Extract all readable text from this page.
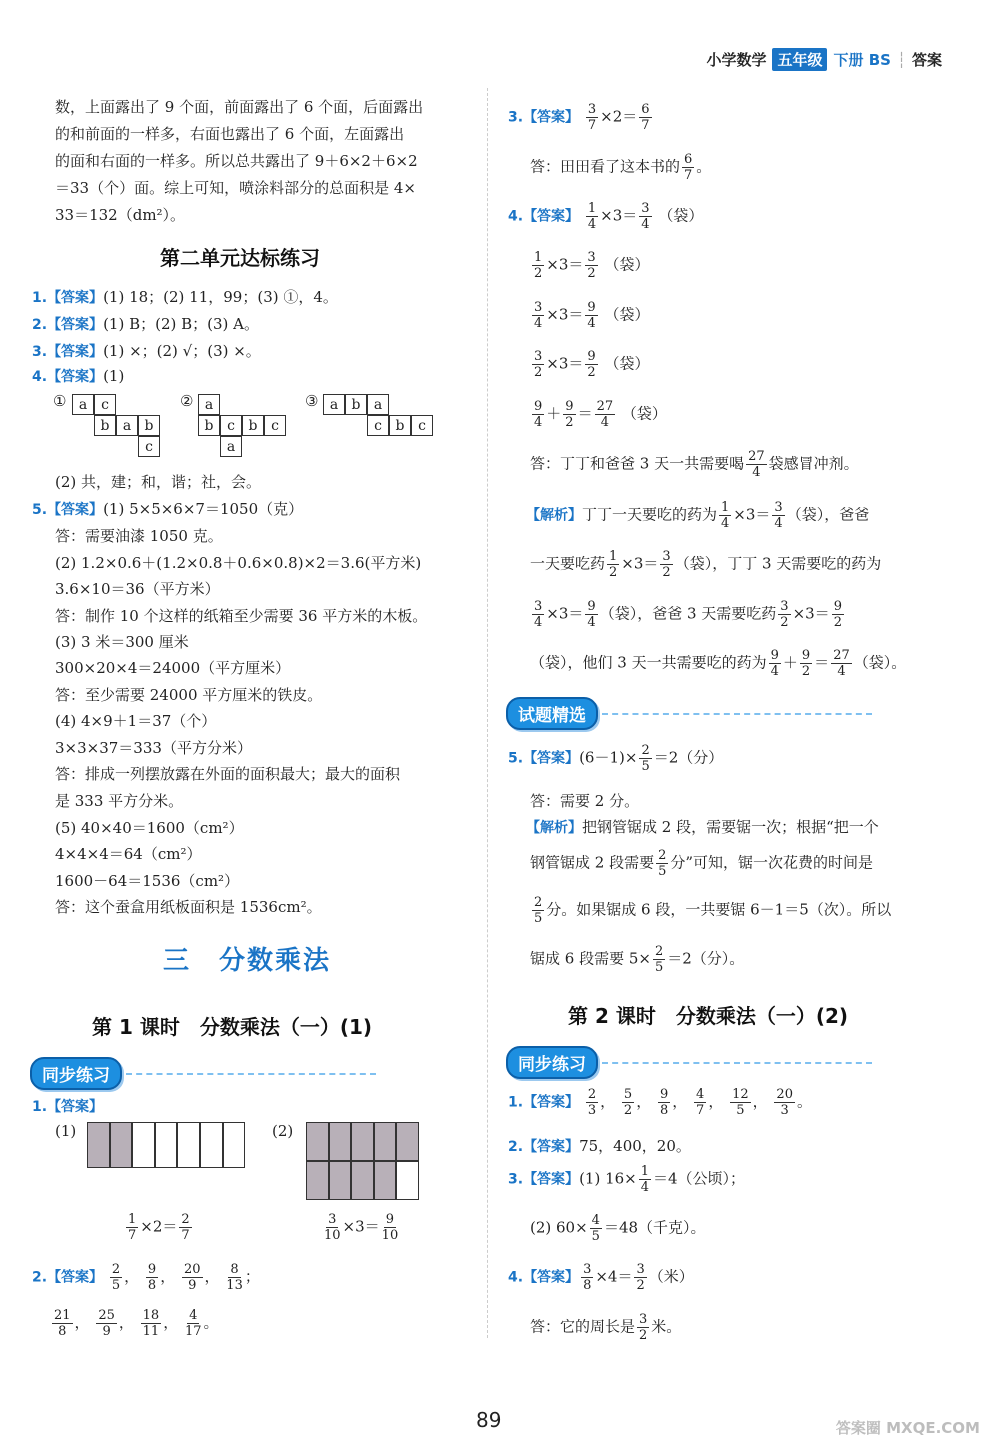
小学数学 五年级 下册 BS ┆ 答案
数，上面露出了 9 个面，前面露出了 6 个面，后面露出
的和前面的一样多，右面也露出了 6 个面，左面露出
的面和右面的一样多。所以总共露出了 9＋6×2＋6×2
＝33（个）面。综上可知，喷涂料部分的总面积是 4×
33＝132（dm²）。
第二单元达标练习
1.【答案】(1) 18；(2) 11，99；(3) ①，4。
2.【答案】(1) B；(2) B；(3) A。
3.【答案】(1) ×；(2) √；(3) ×。
4.【答案】(1)
① a c
b a b
c
② a
b c b c
a
③ a b a
c b c
(2) 共，建；和，谐；社，会。
5.【答案】(1) 5×5×6×7＝1050（克）
答：需要油漆 1050 克。
(2) 1.2×0.6＋(1.2×0.8＋0.6×0.8)×2＝3.6(平方米)
3.6×10＝36（平方米）
答：制作 10 个这样的纸箱至少需要 36 平方米的木板。
(3) 3 米＝300 厘米
300×20×4＝24000（平方厘米）
答：至少需要 24000 平方厘米的铁皮。
(4) 4×9＋1＝37（个）
3×3×37＝333（平方分米）
答：排成一列摆放露在外面的面积最大；最大的面积
是 333 平方分米。
(5) 40×40＝1600（cm²）
4×4×4＝64（cm²）
1600－64＝1536（cm²）
答：这个蚕盒用纸板面积是 1536cm²。
三　分数乘法
第 1 课时　分数乘法（一）(1)
同步练习
1.【答案】
(1)	(2)
$\frac{1}{7} \times 2= \frac{2}{7}$	$\frac{3}{10} \times 3= \frac{9}{10}$
2.【答案】 $\frac{2}{5}$ ， $\frac{9}{8}$ ， $\frac{20}{9}$ ， $\frac{8}{13}$ ；
$\frac{21}{8}$ ， $\frac{25}{9}$ ， $\frac{18}{11}$ ， $\frac{4}{17}$ 。
3.【答案】 $\frac{3}{7} \times 2= \frac{6}{7}$
答：田田看了这本书的 $\frac{6}{7}$ 。
4.【答案】 $\frac{1}{4} \times 3= \frac{3}{4}$ （袋）
$\frac{1}{2} \times 3= \frac{3}{2}$ （袋）
$\frac{3}{4} \times 3= \frac{9}{4}$ （袋）
$\frac{3}{2} \times 3= \frac{9}{2}$ （袋）
$\frac{9}{4} + \frac{9}{2} = \frac{27}{4}$ （袋）
答：丁丁和爸爸 3 天一共需要喝 $\frac{27}{4}$ 袋感冒冲剂。
【解析】丁丁一天要吃的药为 $\frac{1}{4} \times 3= \frac{3}{4}$ （袋），爸爸
一天要吃药 $\frac{1}{2} \times 3= \frac{3}{2}$ （袋），丁丁 3 天需要吃的药为
$\frac{3}{4} \times 3= \frac{9}{4}$ （袋），爸爸 3 天需要吃药 $\frac{3}{2} \times 3= \frac{9}{2}$
（袋），他们 3 天一共需要吃的药为 $\frac{9}{4} + \frac{9}{2} = \frac{27}{4}$ （袋）。
试题精选
5.【答案】$(6-1)\times \frac{2}{5} =2$（分）
答：需要 2 分。
【解析】把钢管锯成 2 段，需要锯一次；根据“把一个
钢管锯成 2 段需要 $\frac{2}{5}$ 分”可知，锯一次花费的时间是
$\frac{2}{5}$ 分。如果锯成 6 段，一共要锯 6－1＝5（次）。所以
锯成 6 段需要 $5\times \frac{2}{5} =2$（分）。
第 2 课时　分数乘法（一）(2)
同步练习
1.【答案】 $\frac{2}{3}$ ， $\frac{5}{2}$ ， $\frac{9}{8}$ ， $\frac{4}{7}$ ， $\frac{12}{5}$ ， $\frac{20}{3}$ 。
2.【答案】75，400，20。
3.【答案】(1) $16\times \frac{1}{4} =4$（公顷）；
(2) $60\times \frac{4}{5} =48$（千克）。
4.【答案】 $\frac{3}{8} \times 4= \frac{3}{2}$ （米）
答：它的周长是 $\frac{3}{2}$ 米。
89	答案圈 MXQE.COM
